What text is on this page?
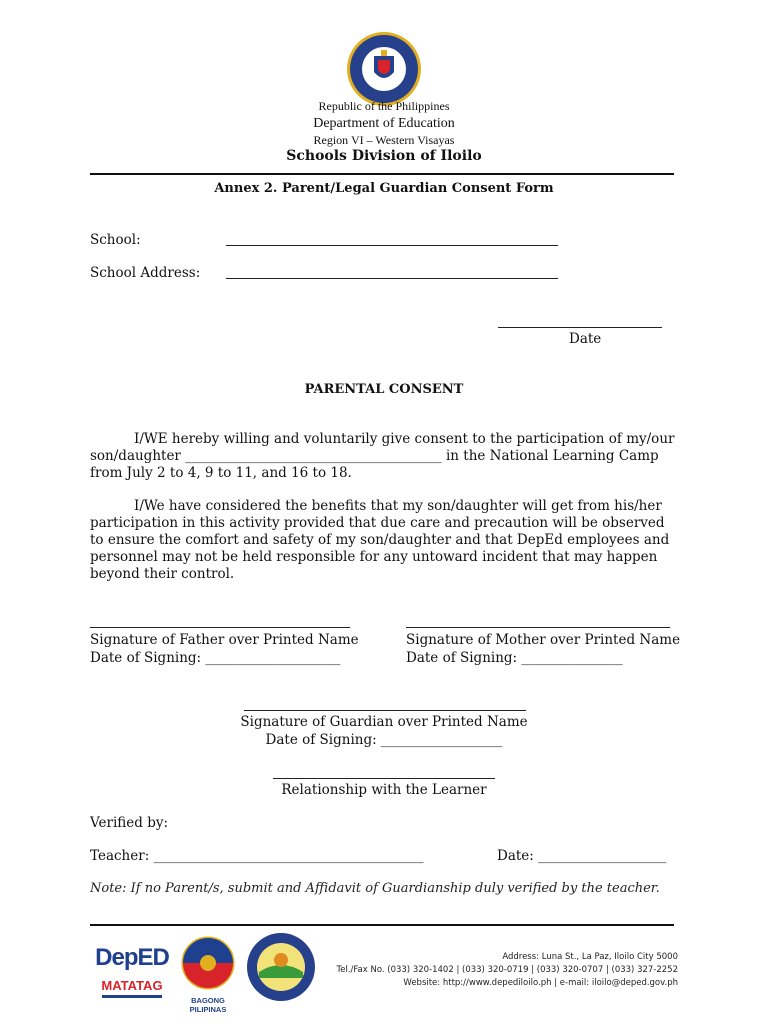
Republic of the Philippines
Department of Education
Region VI – Western Visayas
Schools Division of Iloilo
Annex 2. Parent/Legal Guardian Consent Form
School:
School Address:
Date
PARENTAL CONSENT
I/WE hereby willing and voluntarily give consent to the participation of my/our son/daughter ______________________________________ in the National Learning Camp from July 2 to 4, 9 to 11, and 16 to 18.
I/We have considered the benefits that my son/daughter will get from his/her participation in this activity provided that due care and precaution will be observed to ensure the comfort and safety of my son/daughter and that DepEd employees and personnel may not be held responsible for any untoward incident that may happen beyond their control.
Signature of Father over Printed Name
Date of Signing: ____________________
Signature of Mother over Printed Name
Date of Signing: _______________
Signature of Guardian over Printed Name
Date of Signing: __________________
Relationship with the Learner
Verified by:
Teacher: ________________________________________	Date: ___________________
Note: If no Parent/s, submit and Affidavit of Guardianship duly verified by the teacher.
DepED
MATATAG
BAGONG PILIPINAS
Address: Luna St., La Paz, Iloilo City 5000
Tel./Fax No. (033) 320-1402 | (033) 320-0719 | (033) 320-0707 | (033) 327-2252
Website: http://www.depediloilo.ph | e-mail: iloilo@deped.gov.ph
